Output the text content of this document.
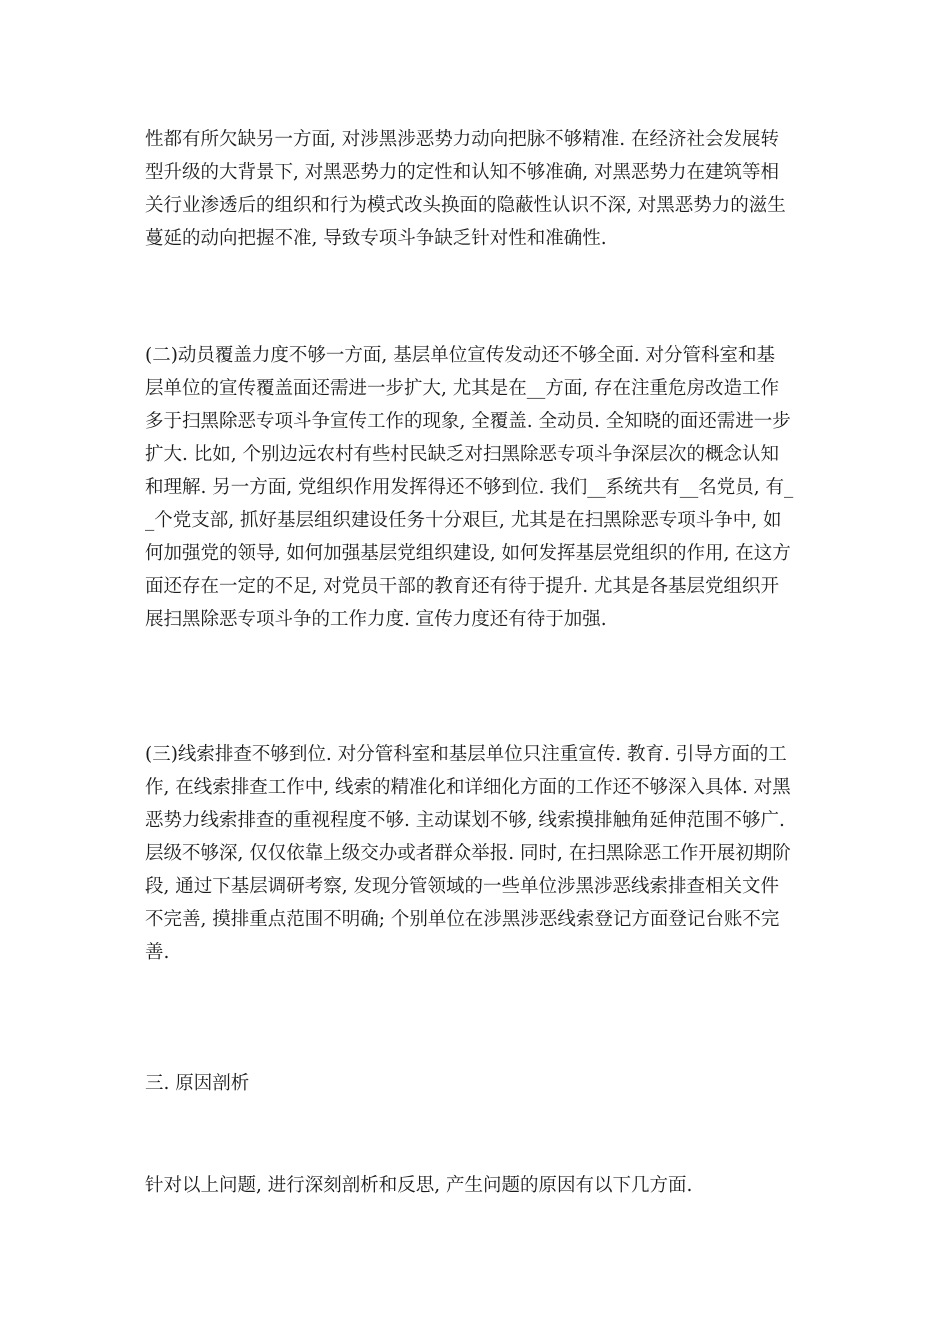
性都有所欠缺另一方面, 对涉黑涉恶势力动向把脉不够精准. 在经济社会发展转
型升级的大背景下, 对黑恶势力的定性和认知不够准确, 对黑恶势力在建筑等相
关行业渗透后的组织和行为模式改头换面的隐蔽性认识不深, 对黑恶势力的滋生
蔓延的动向把握不准, 导致专项斗争缺乏针对性和准确性.

(二)动员覆盖力度不够一方面, 基层单位宣传发动还不够全面. 对分管科室和基
层单位的宣传覆盖面还需进一步扩大, 尤其是在__方面, 存在注重危房改造工作
多于扫黑除恶专项斗争宣传工作的现象, 全覆盖. 全动员. 全知晓的面还需进一步
扩大. 比如, 个别边远农村有些村民缺乏对扫黑除恶专项斗争深层次的概念认知
和理解. 另一方面, 党组织作用发挥得还不够到位. 我们__系统共有__名党员, 有_
_个党支部, 抓好基层组织建设任务十分艰巨, 尤其是在扫黑除恶专项斗争中, 如
何加强党的领导, 如何加强基层党组织建设, 如何发挥基层党组织的作用, 在这方
面还存在一定的不足, 对党员干部的教育还有待于提升. 尤其是各基层党组织开
展扫黑除恶专项斗争的工作力度. 宣传力度还有待于加强.

(三)线索排查不够到位. 对分管科室和基层单位只注重宣传. 教育. 引导方面的工
作, 在线索排查工作中, 线索的精准化和详细化方面的工作还不够深入具体. 对黑
恶势力线索排查的重视程度不够. 主动谋划不够, 线索摸排触角延伸范围不够广.
层级不够深, 仅仅依靠上级交办或者群众举报. 同时, 在扫黑除恶工作开展初期阶
段, 通过下基层调研考察, 发现分管领域的一些单位涉黑涉恶线索排查相关文件
不完善, 摸排重点范围不明确; 个别单位在涉黑涉恶线索登记方面登记台账不完
善.

三. 原因剖析

针对以上问题, 进行深刻剖析和反思, 产生问题的原因有以下几方面.
